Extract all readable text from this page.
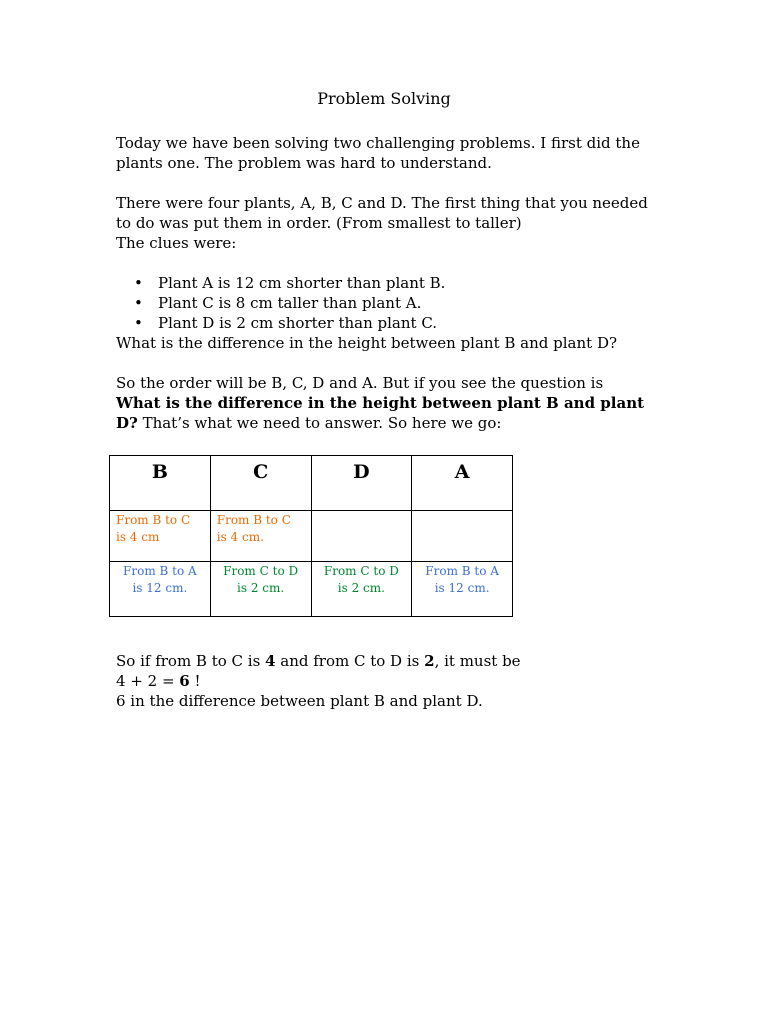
Problem Solving

Today we have been solving two challenging problems. I first did the
plants one. The problem was hard to understand.

There were four plants, A, B, C and D. The first thing that you needed
to do was put them in order. (From smallest to taller)
The clues were:

• Plant A is 12 cm shorter than plant B.
• Plant C is 8 cm taller than plant A.
• Plant D is 2 cm shorter than plant C.

What is the difference in the height between plant B and plant D?

So the order will be B, C, D and A. But if you see the question is
What is the difference in the height between plant B and plant
D? That’s what we need to answer. So here we go:

B	C	D	A
From B to C
is 4 cm	From B to C
is 4 cm.		
From B to A
is 12 cm.	From C to D
is 2 cm.	From C to D
is 2 cm.	From B to A
is 12 cm.
So if from B to C is 4 and from C to D is 2, it must be
4 + 2 = 6 !
6 in the difference between plant B and plant D.
